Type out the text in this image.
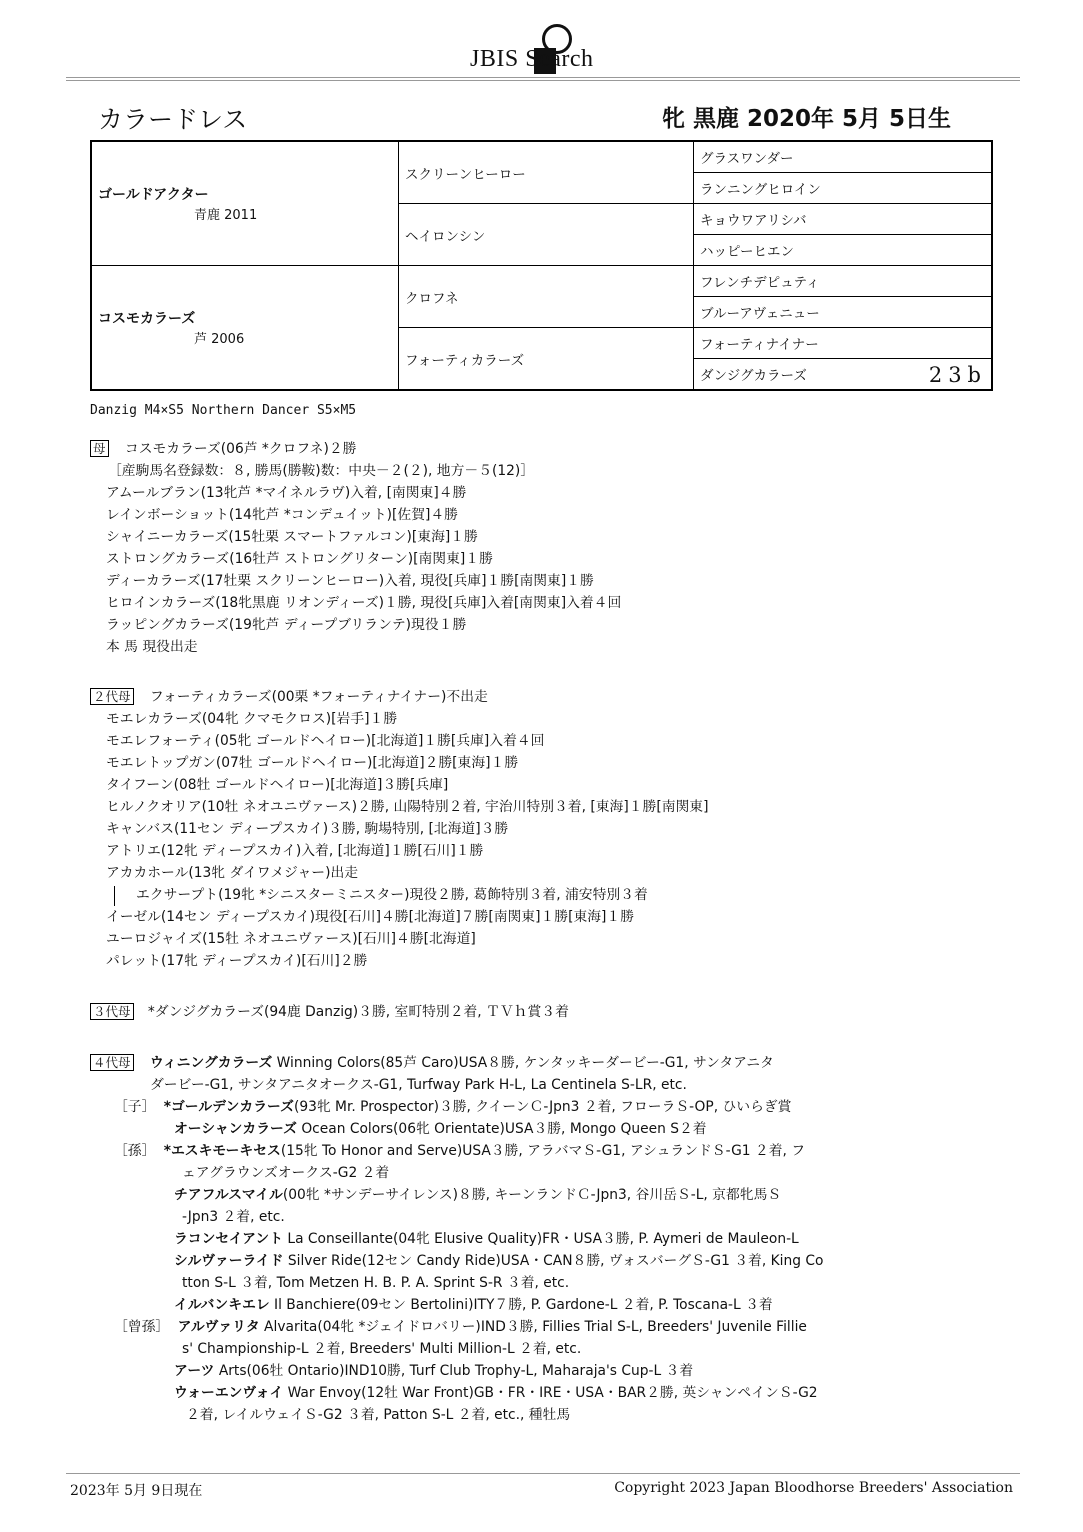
JBIS Search
カラードレス	牝 黒鹿 2020年 5月 5日生
ゴールドアクター
青鹿 2011	スクリーンヒーロー	グラスワンダー
		ランニングヒロイン
	ヘイロンシン	キョウワアリシバ
		ハッピーヒエン

コスモカラーズ
芦 2006	クロフネ	フレンチデピュティ
		ブルーアヴェニュー
	フォーティカラーズ	フォーティナイナー
		ダンジグカラーズ 23b
Danzig M4×S5 Northern Dancer S5×M5
母 コスモカラーズ(06芦 *クロフネ)２勝
［産駒馬名登録数：８, 勝馬(勝鞍)数：中央－２(２), 地方－５(12)］
アムールブラン(13牝芦 *マイネルラヴ)入着, [南関東]４勝
レインボーショット(14牝芦 *コンデュイット)[佐賀]４勝
シャイニーカラーズ(15牡栗 スマートファルコン)[東海]１勝
ストロングカラーズ(16牡芦 ストロングリターン)[南関東]１勝
ディーカラーズ(17牡栗 スクリーンヒーロー)入着, 現役[兵庫]１勝[南関東]１勝
ヒロインカラーズ(18牝黒鹿 リオンディーズ)１勝, 現役[兵庫]入着[南関東]入着４回
ラッピングカラーズ(19牝芦 ディープブリランテ)現役１勝
本 馬 現役出走
２代母 フォーティカラーズ(00栗 *フォーティナイナー)不出走
モエレカラーズ(04牝 クマモクロス)[岩手]１勝
モエレフォーティ(05牝 ゴールドヘイロー)[北海道]１勝[兵庫]入着４回
モエレトップガン(07牡 ゴールドヘイロー)[北海道]２勝[東海]１勝
タイフーン(08牡 ゴールドヘイロー)[北海道]３勝[兵庫]
ヒルノクオリア(10牡 ネオユニヴァース)２勝, 山陽特別２着, 宇治川特別３着, [東海]１勝[南関東]
キャンバス(11セン ディープスカイ)３勝, 駒場特別, [北海道]３勝
アトリエ(12牝 ディープスカイ)入着, [北海道]１勝[石川]１勝
アカカホール(13牝 ダイワメジャー)出走
エクサープト(19牝 *シニスターミニスター)現役２勝, 葛飾特別３着, 浦安特別３着
イーゼル(14セン ディープスカイ)現役[石川]４勝[北海道]７勝[南関東]１勝[東海]１勝
ユーロジャイズ(15牡 ネオユニヴァース)[石川]４勝[北海道]
パレット(17牝 ディープスカイ)[石川]２勝
３代母 *ダンジグカラーズ(94鹿 Danzig)３勝, 室町特別２着, ＴＶｈ賞３着
４代母 ウィニングカラーズ Winning Colors(85芦 Caro)USA８勝, ケンタッキーダービー-G1, サンタアニタ
ダービー-G1, サンタアニタオークス-G1, Turfway Park H-L, La Centinela S-LR, etc.
［子］ *ゴールデンカラーズ(93牝 Mr. Prospector)３勝, クイーンＣ-Jpn3 ２着, フローラＳ-OP, ひいらぎ賞
オーシャンカラーズ Ocean Colors(06牝 Orientate)USA３勝, Mongo Queen S２着
［孫］ *エスキモーキセス(15牝 To Honor and Serve)USA３勝, アラバマＳ-G1, アシュランドＳ-G1 ２着, フ
ェアグラウンズオークス-G2 ２着
チアフルスマイル(00牝 *サンデーサイレンス)８勝, キーンランドＣ-Jpn3, 谷川岳Ｓ-L, 京都牝馬Ｓ
-Jpn3 ２着, etc.
ラコンセイアント La Conseillante(04牝 Elusive Quality)FR・USA３勝, P. Aymeri de Mauleon-L
シルヴァーライド Silver Ride(12セン Candy Ride)USA・CAN８勝, ヴォスバーグＳ-G1 ３着, King Co
tton S-L ３着, Tom Metzen H. B. P. A. Sprint S-R ３着, etc.
イルバンキエレ Il Banchiere(09セン Bertolini)ITY７勝, P. Gardone-L ２着, P. Toscana-L ３着
［曾孫］ アルヴァリタ Alvarita(04牝 *ジェイドロバリー)IND３勝, Fillies Trial S-L, Breeders' Juvenile Fillie
s' Championship-L ２着, Breeders' Multi Million-L ２着, etc.
アーツ Arts(06牡 Ontario)IND10勝, Turf Club Trophy-L, Maharaja's Cup-L ３着
ウォーエンヴォイ War Envoy(12牡 War Front)GB・FR・IRE・USA・BAR２勝, 英シャンペインＳ-G2
２着, レイルウェイＳ-G2 ３着, Patton S-L ２着, etc., 種牡馬
2023年 5月 9日現在	Copyright 2023 Japan Bloodhorse Breeders' Association
